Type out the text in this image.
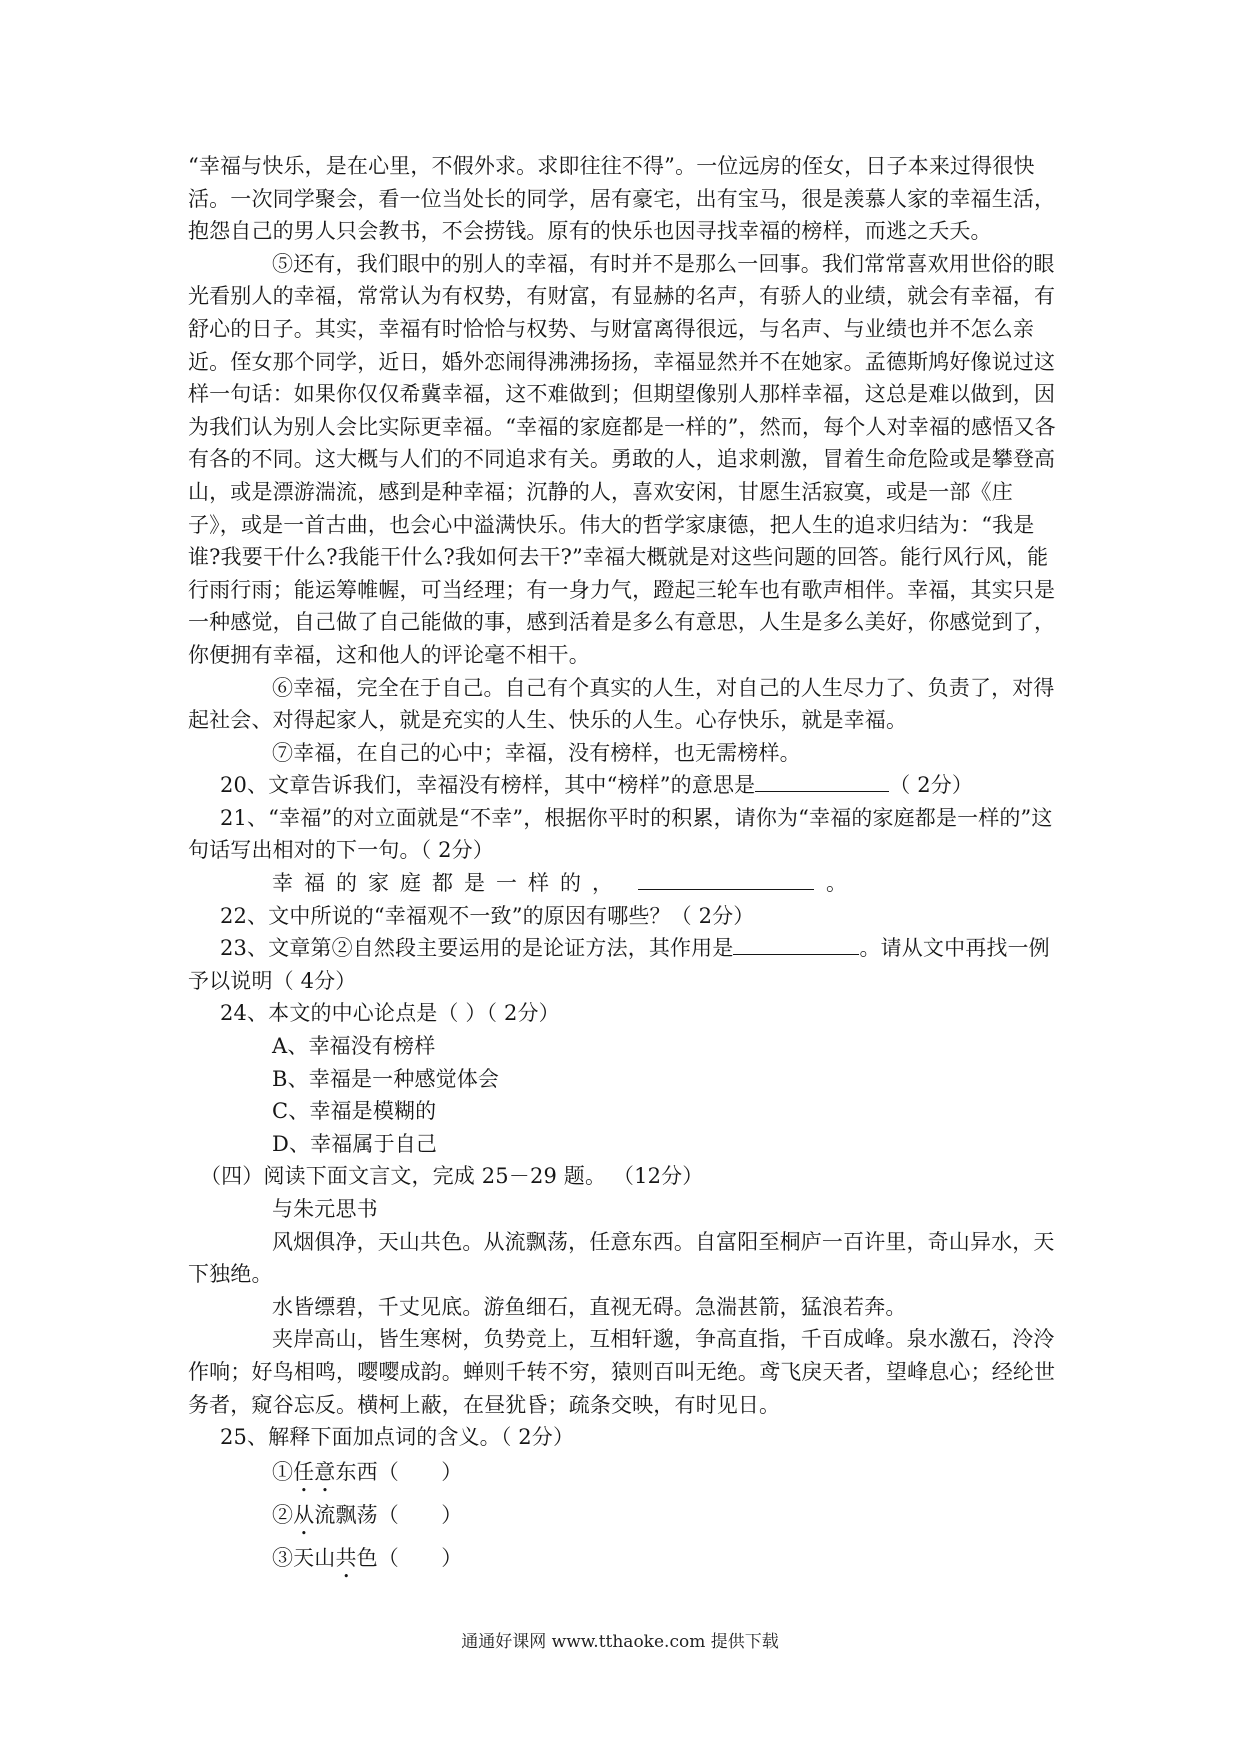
“幸福与快乐，是在心里，不假外求。求即往往不得”。一位远房的侄女，日子本来过得很快活。一次同学聚会，看一位当处长的同学，居有豪宅，出有宝马，很是羡慕人家的幸福生活，抱怨自己的男人只会教书，不会捞钱。原有的快乐也因寻找幸福的榜样，而逃之夭夭。

⑤还有，我们眼中的别人的幸福，有时并不是那么一回事。我们常常喜欢用世俗的眼光看别人的幸福，常常认为有权势，有财富，有显赫的名声，有骄人的业绩，就会有幸福，有舒心的日子。其实，幸福有时恰恰与权势、与财富离得很远，与名声、与业绩也并不怎么亲近。侄女那个同学，近日，婚外恋闹得沸沸扬扬，幸福显然并不在她家。孟德斯鸠好像说过这样一句话：如果你仅仅希冀幸福，这不难做到；但期望像别人那样幸福，这总是难以做到，因为我们认为别人会比实际更幸福。“幸福的家庭都是一样的”，然而，每个人对幸福的感悟又各有各的不同。这大概与人们的不同追求有关。勇敢的人，追求刺激，冒着生命危险或是攀登高山，或是漂游湍流，感到是种幸福；沉静的人，喜欢安闲，甘愿生活寂寞，或是一部《庄子》，或是一首古曲，也会心中溢满快乐。伟大的哲学家康德，把人生的追求归结为：“我是谁?我要干什么?我能干什么?我如何去干?”幸福大概就是对这些问题的回答。能行风行风，能行雨行雨；能运筹帷幄，可当经理；有一身力气，蹬起三轮车也有歌声相伴。幸福，其实只是一种感觉，自己做了自己能做的事，感到活着是多么有意思，人生是多么美好，你感觉到了，你便拥有幸福，这和他人的评论毫不相干。

⑥幸福，完全在于自己。自己有个真实的人生，对自己的人生尽力了、负责了，对得起社会、对得起家人，就是充实的人生、快乐的人生。心存快乐，就是幸福。

⑦幸福，在自己的心中；幸福，没有榜样，也无需榜样。

20、文章告诉我们，幸福没有榜样，其中“榜样”的意思是	（ 2分）

21、“幸福”的对立面就是“不幸”，根据你平时的积累，请你为“幸福的家庭都是一样的”这句话写出相对的下一句。（ 2分）

幸福的家庭都是一样的，	。

22、文中所说的“幸福观不一致”的原因有哪些？（ 2分）

23、文章第②自然段主要运用的是论证方法，其作用是	。请从文中再找一例予以说明（ 4分）

24、本文的中心论点是（ ）（ 2分）

A、幸福没有榜样

B、幸福是一种感觉体会

C、幸福是模糊的

D、幸福属于自己

（四）阅读下面文言文，完成 25－29 题。 （12分）

与朱元思书

风烟俱净，天山共色。从流飘荡，任意东西。自富阳至桐庐一百许里，奇山异水，天下独绝。

水皆缥碧，千丈见底。游鱼细石，直视无碍。急湍甚箭，猛浪若奔。

夹岸高山，皆生寒树，负势竞上，互相轩邈，争高直指，千百成峰。泉水激石，泠泠作响；好鸟相鸣，嘤嘤成韵。蝉则千转不穷，猿则百叫无绝。鸢飞戾天者，望峰息心；经纶世务者，窥谷忘反。横柯上蔽，在昼犹昏；疏条交映，有时见日。

25、解释下面加点词的含义。（ 2分）

①任意东西（　　）

②从流飘荡（　　）

③天山共色（　　）

通通好课网 www.tthaoke.com 提供下载
